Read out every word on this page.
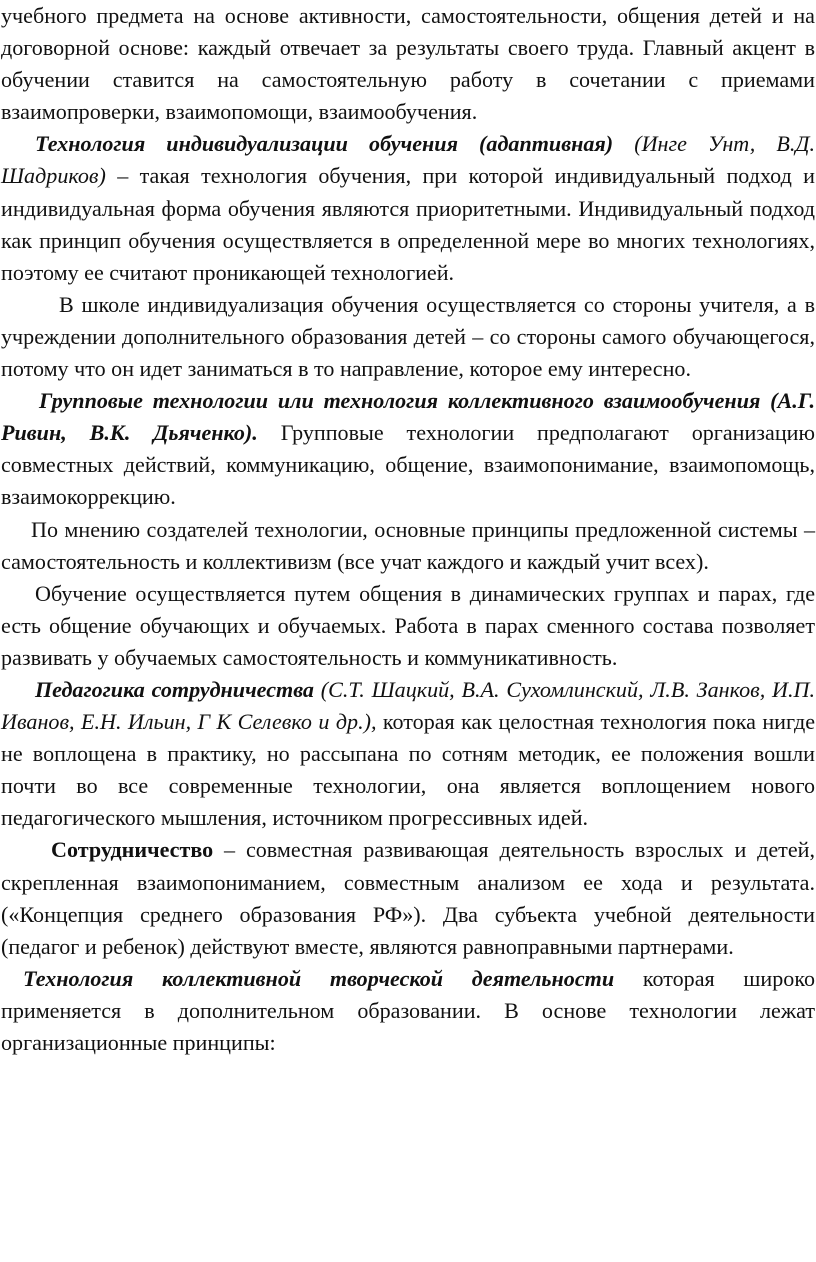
учебного предмета на основе активности, самостоятельности, общения детей и на договорной основе: каждый отвечает за результаты своего труда. Главный акцент в обучении ставится на самостоятельную работу в сочетании с приемами взаимопроверки, взаимопомощи, взаимообучения.

Технология индивидуализации обучения (адаптивная) (Инге Унт, В.Д. Шадриков) – такая технология обучения, при которой индивидуальный подход и индивидуальная форма обучения являются приоритетными. Индивидуальный подход как принцип обучения осуществляется в определенной мере во многих технологиях, поэтому ее считают проникающей технологией.

В школе индивидуализация обучения осуществляется со стороны учителя, а в учреждении дополнительного образования детей – со стороны самого обучающегося, потому что он идет заниматься в то направление, которое ему интересно.

Групповые технологии или технология коллективного взаимообучения (А.Г. Ривин, В.К. Дьяченко). Групповые технологии предполагают организацию совместных действий, коммуникацию, общение, взаимопонимание, взаимопомощь, взаимокоррекцию.

По мнению создателей технологии, основные принципы предложенной системы – самостоятельность и коллективизм (все учат каждого и каждый учит всех).

Обучение осуществляется путем общения в динамических группах и парах, где есть общение обучающих и обучаемых. Работа в парах сменного состава позволяет развивать у обучаемых самостоятельность и коммуникативность.

Педагогика сотрудничества (С.Т. Шацкий, В.А. Сухомлинский, Л.В. Занков, И.П. Иванов, Е.Н. Ильин, Г К Селевко и др.), которая как целостная технология пока нигде не воплощена в практику, но рассыпана по сотням методик, ее положения вошли почти во все современные технологии, она является воплощением нового педагогического мышления, источником прогрессивных идей.

Сотрудничество – совместная развивающая деятельность взрослых и детей, скрепленная взаимопониманием, совместным анализом ее хода и результата. («Концепция среднего образования РФ»). Два субъекта учебной деятельности (педагог и ребенок) действуют вместе, являются равноправными партнерами.

Технология коллективной творческой деятельности которая широко применяется в дополнительном образовании. В основе технологии лежат организационные принципы:
